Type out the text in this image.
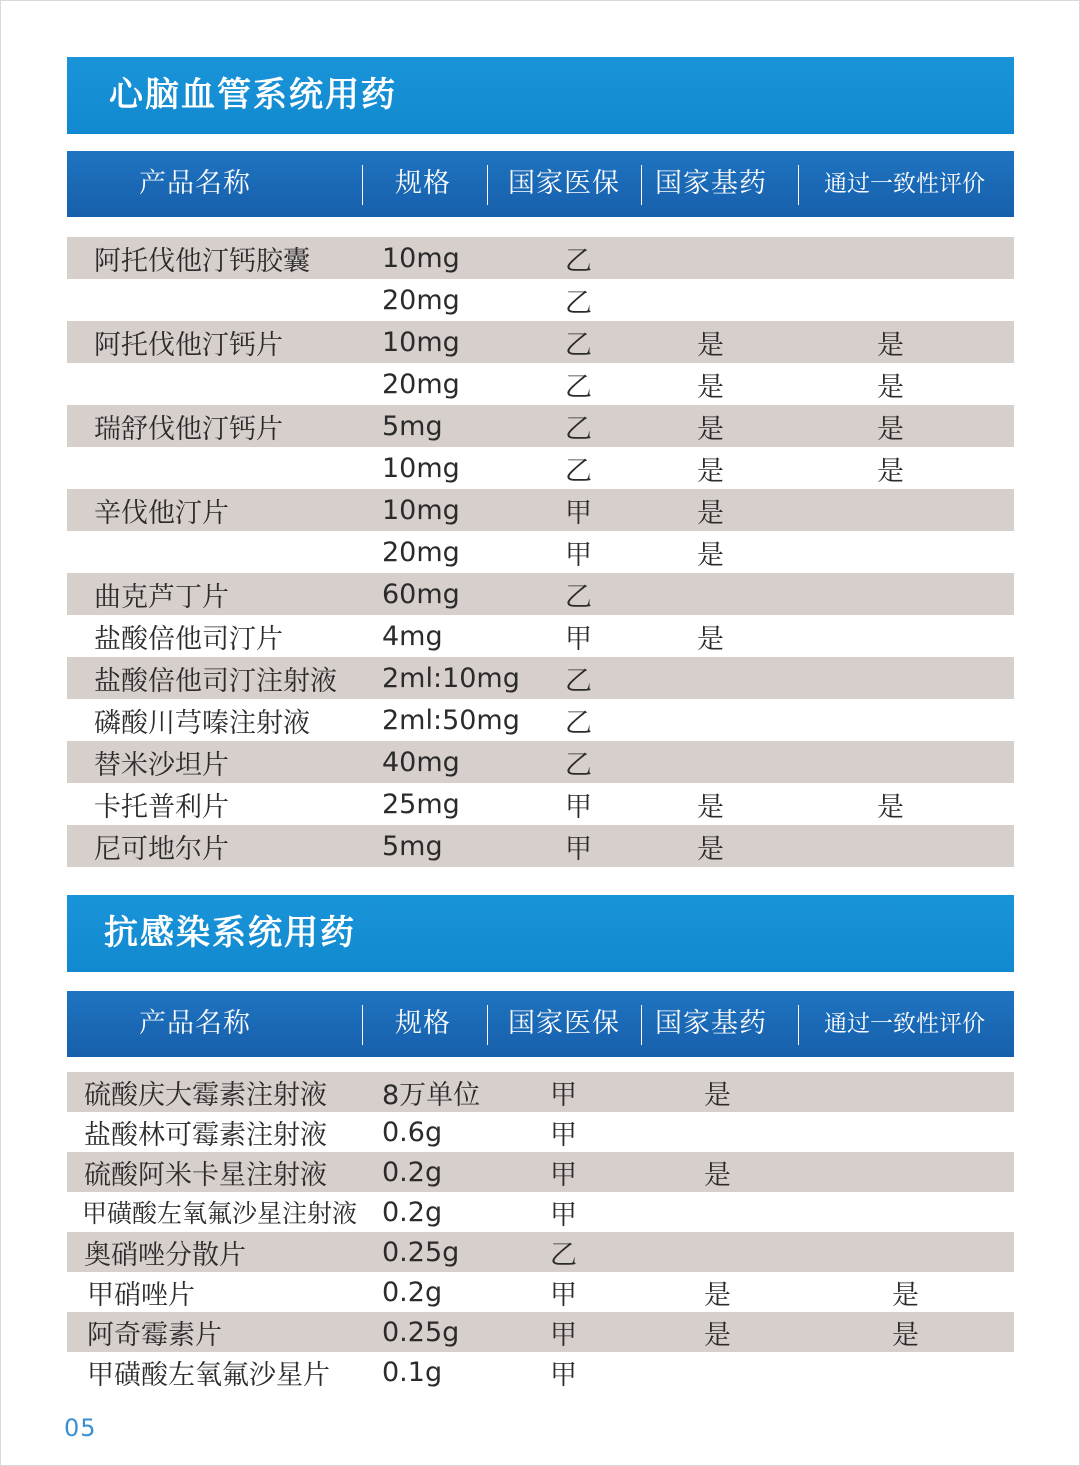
心脑血管系统用药
产品名称	规格 国家医保 国家基药 通过一致性评价
阿托伐他汀钙胶囊	10mg	乙
20mg	乙
阿托伐他汀钙片	10mg	乙	是	是
20mg	乙	是	是
瑞舒伐他汀钙片	5mg	乙	是	是
10mg	乙	是	是
辛伐他汀片	10mg	甲	是
20mg	甲	是
曲克芦丁片	60mg	乙
盐酸倍他司汀片	4mg	甲	是
盐酸倍他司汀注射液 2ml:10mg 乙
磷酸川芎嗪注射液	2ml:50mg 乙
替米沙坦片	40mg	乙
卡托普利片	25mg	甲	是	是
尼可地尔片	5mg	甲	是
抗感染系统用药
产品名称	规格 国家医保 国家基药 通过一致性评价
硫酸庆大霉素注射液 8万单位	甲	是
盐酸林可霉素注射液 0.6g	甲
硫酸阿米卡星注射液 0.2g	甲	是
甲磺酸左氧氟沙星注射液 0.2g	甲
奥硝唑分散片	0.25g	乙
甲硝唑片	0.2g	甲	是	是
阿奇霉素片	0.25g	甲	是	是
甲磺酸左氧氟沙星片 0.1g	甲
05
